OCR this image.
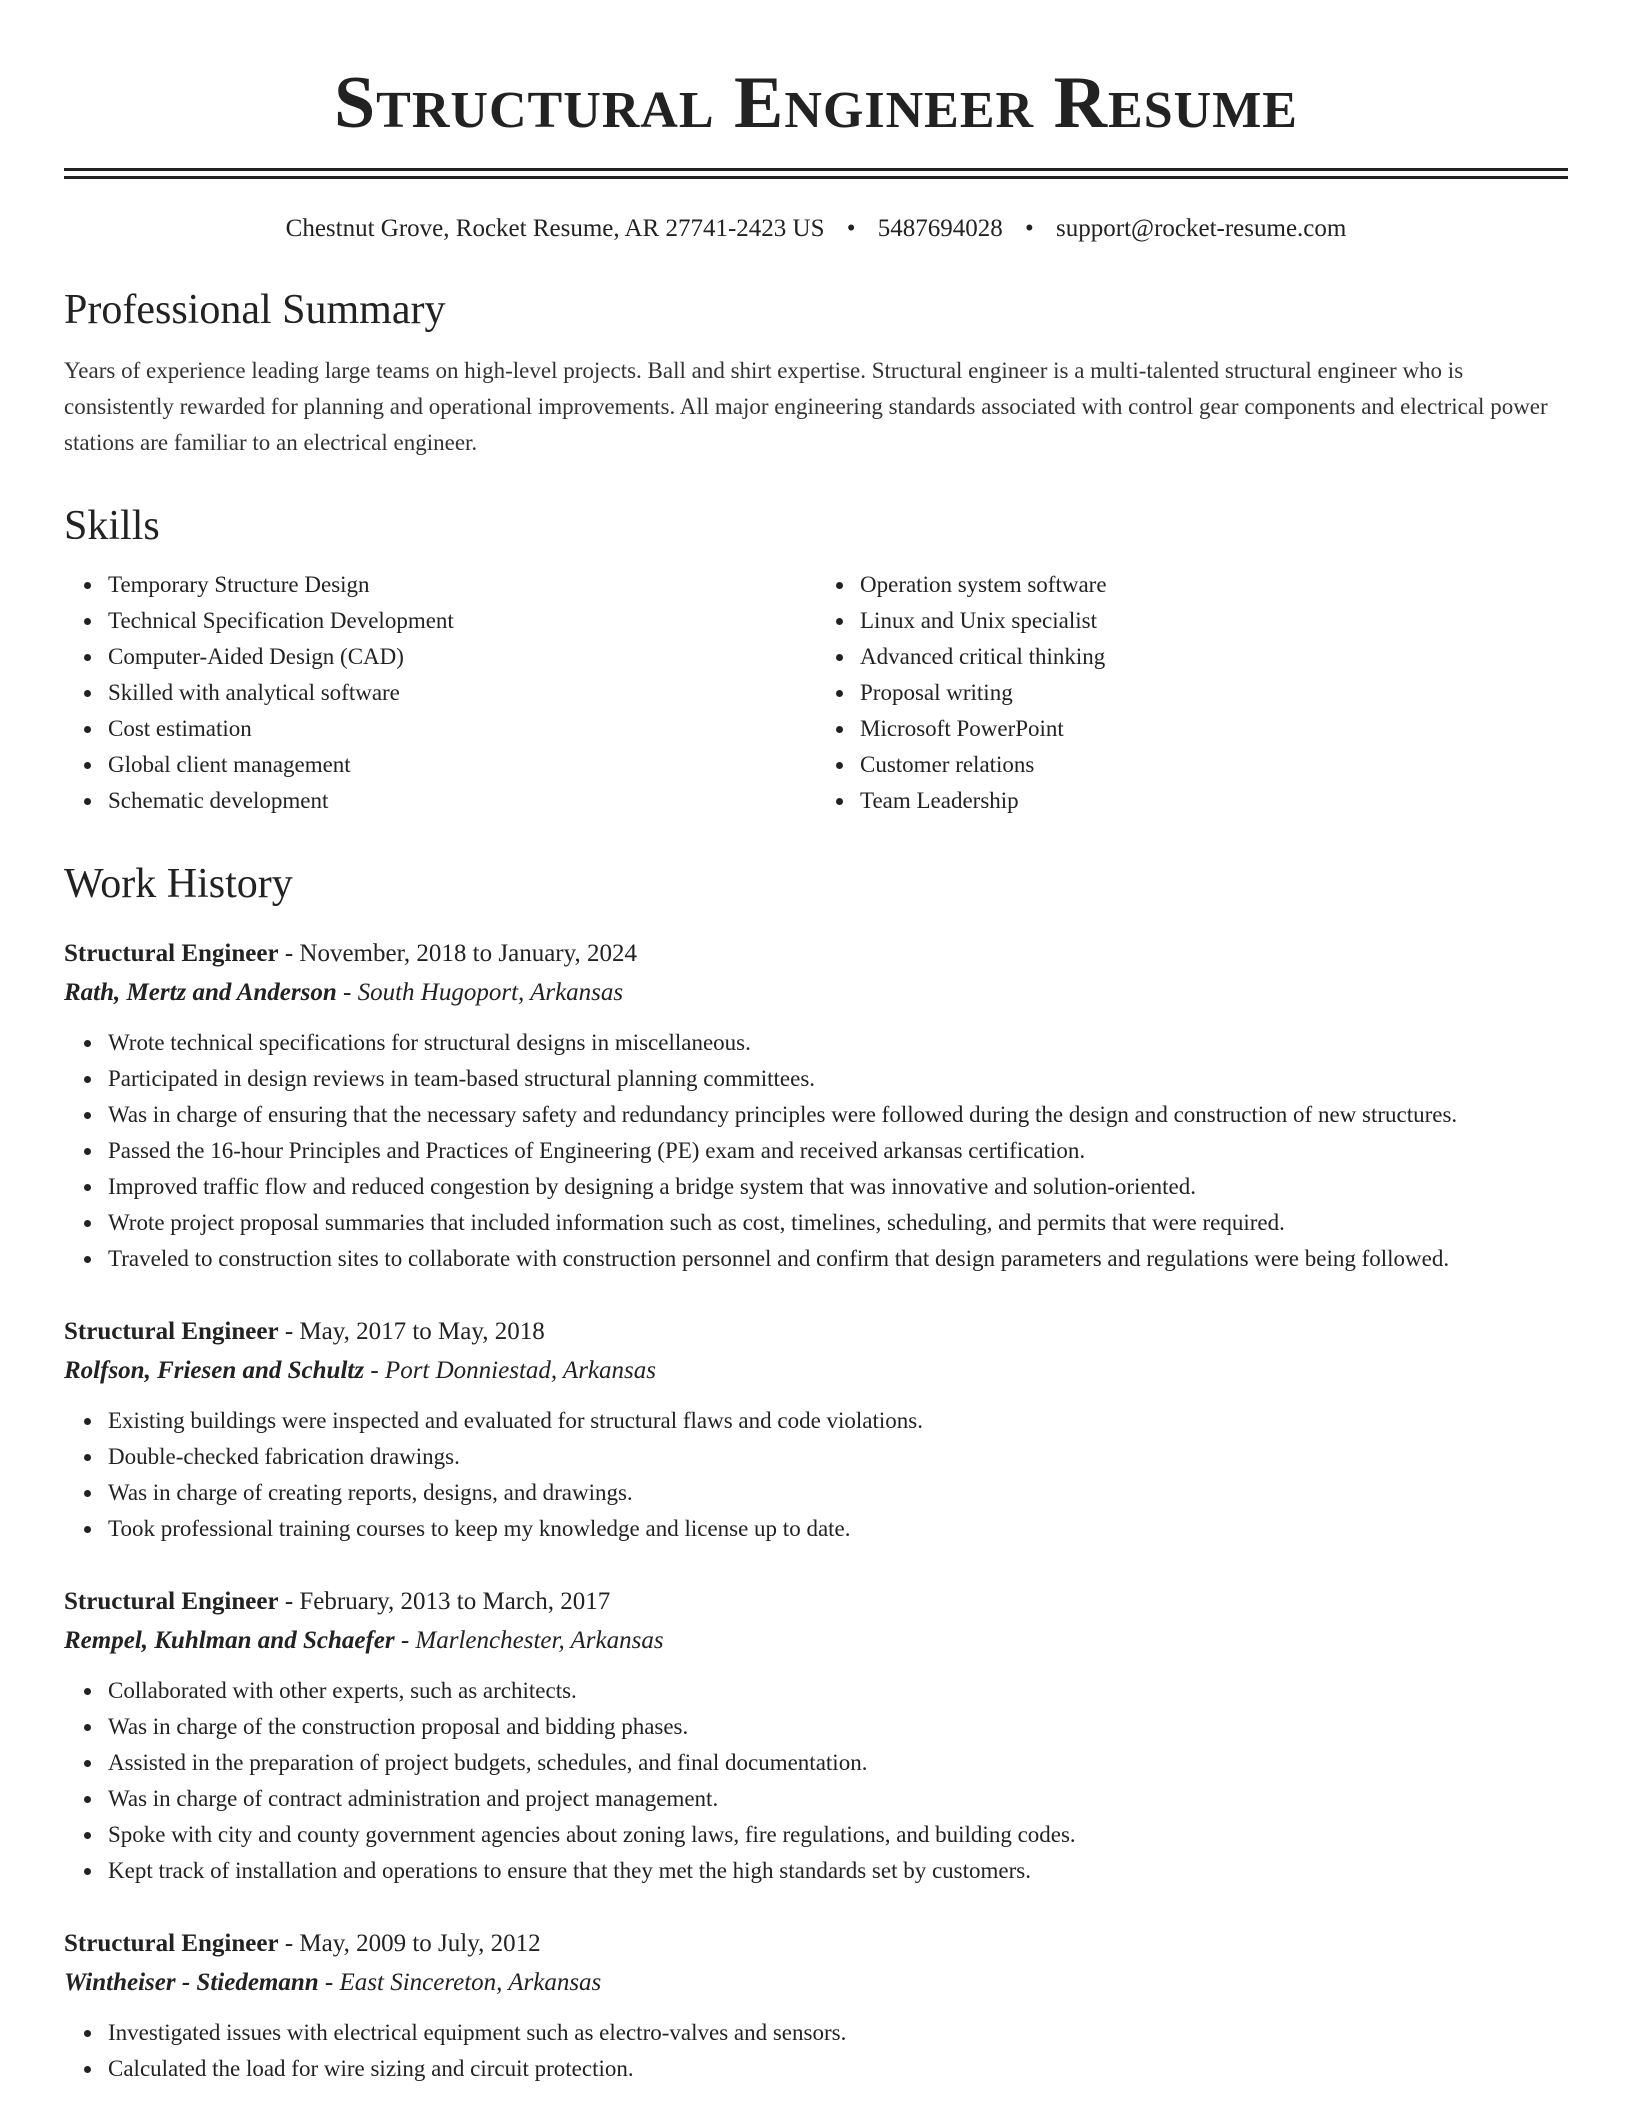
Structural Engineer Resume
Chestnut Grove, Rocket Resume, AR 27741-2423 US • 5487694028 • support@rocket-resume.com
Professional Summary
Years of experience leading large teams on high-level projects. Ball and shirt expertise. Structural engineer is a multi-talented structural engineer who is consistently rewarded for planning and operational improvements. All major engineering standards associated with control gear components and electrical power stations are familiar to an electrical engineer.
Skills
Temporary Structure Design
Technical Specification Development
Computer-Aided Design (CAD)
Skilled with analytical software
Cost estimation
Global client management
Schematic development
Operation system software
Linux and Unix specialist
Advanced critical thinking
Proposal writing
Microsoft PowerPoint
Customer relations
Team Leadership
Work History
Structural Engineer - November, 2018 to January, 2024
Rath, Mertz and Anderson - South Hugoport, Arkansas
Wrote technical specifications for structural designs in miscellaneous.
Participated in design reviews in team-based structural planning committees.
Was in charge of ensuring that the necessary safety and redundancy principles were followed during the design and construction of new structures.
Passed the 16-hour Principles and Practices of Engineering (PE) exam and received arkansas certification.
Improved traffic flow and reduced congestion by designing a bridge system that was innovative and solution-oriented.
Wrote project proposal summaries that included information such as cost, timelines, scheduling, and permits that were required.
Traveled to construction sites to collaborate with construction personnel and confirm that design parameters and regulations were being followed.
Structural Engineer - May, 2017 to May, 2018
Rolfson, Friesen and Schultz - Port Donniestad, Arkansas
Existing buildings were inspected and evaluated for structural flaws and code violations.
Double-checked fabrication drawings.
Was in charge of creating reports, designs, and drawings.
Took professional training courses to keep my knowledge and license up to date.
Structural Engineer - February, 2013 to March, 2017
Rempel, Kuhlman and Schaefer - Marlenchester, Arkansas
Collaborated with other experts, such as architects.
Was in charge of the construction proposal and bidding phases.
Assisted in the preparation of project budgets, schedules, and final documentation.
Was in charge of contract administration and project management.
Spoke with city and county government agencies about zoning laws, fire regulations, and building codes.
Kept track of installation and operations to ensure that they met the high standards set by customers.
Structural Engineer - May, 2009 to July, 2012
Wintheiser - Stiedemann - East Sincereton, Arkansas
Investigated issues with electrical equipment such as electro-valves and sensors.
Calculated the load for wire sizing and circuit protection.
